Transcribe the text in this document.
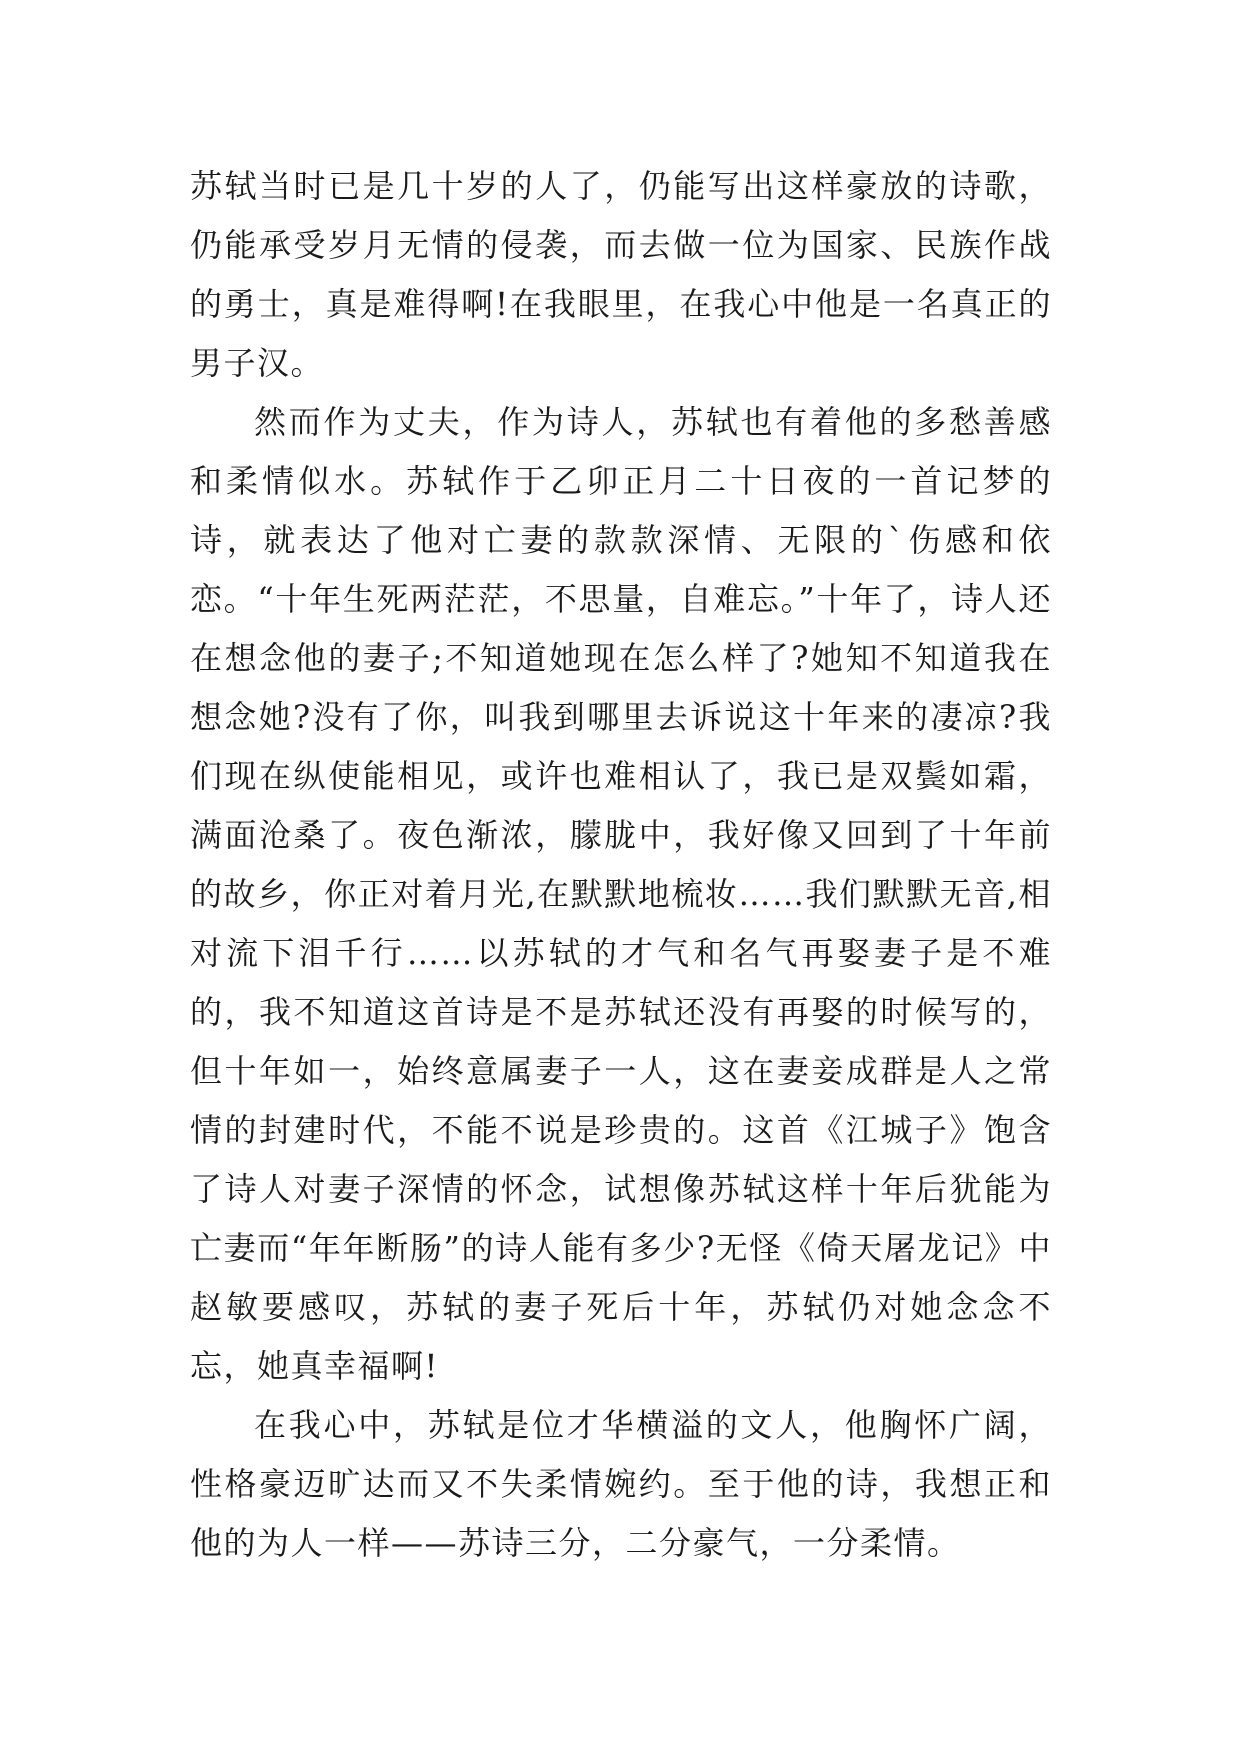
苏轼当时已是几十岁的人了，仍能写出这样豪放的诗歌，仍能承受岁月无情的侵袭，而去做一位为国家、民族作战的勇士，真是难得啊!在我眼里，在我心中他是一名真正的男子汉。

然而作为丈夫，作为诗人，苏轼也有着他的多愁善感和柔情似水。苏轼作于乙卯正月二十日夜的一首记梦的诗，就表达了他对亡妻的款款深情、无限的`伤感和依恋。“十年生死两茫茫，不思量，自难忘。”十年了，诗人还在想念他的妻子;不知道她现在怎么样了?她知不知道我在想念她?没有了你，叫我到哪里去诉说这十年来的凄凉?我们现在纵使能相见，或许也难相认了，我已是双鬓如霜，满面沧桑了。夜色渐浓，朦胧中，我好像又回到了十年前的故乡，你正对着月光,在默默地梳妆……我们默默无音,相对流下泪千行……以苏轼的才气和名气再娶妻子是不难的，我不知道这首诗是不是苏轼还没有再娶的时候写的，但十年如一，始终意属妻子一人，这在妻妾成群是人之常情的封建时代，不能不说是珍贵的。这首《江城子》饱含了诗人对妻子深情的怀念，试想像苏轼这样十年后犹能为亡妻而“年年断肠”的诗人能有多少?无怪《倚天屠龙记》中赵敏要感叹，苏轼的妻子死后十年，苏轼仍对她念念不忘，她真幸福啊!

在我心中，苏轼是位才华横溢的文人，他胸怀广阔，性格豪迈旷达而又不失柔情婉约。至于他的诗，我想正和他的为人一样——苏诗三分，二分豪气，一分柔情。
